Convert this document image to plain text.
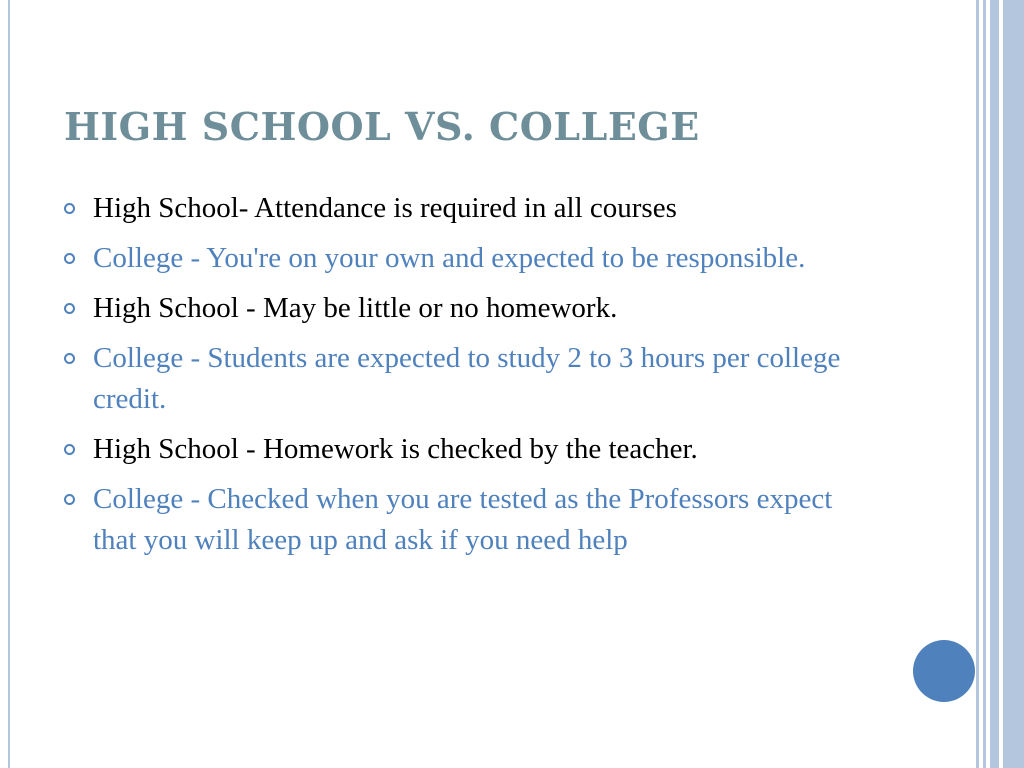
HIGH SCHOOL VS. COLLEGE
High School- Attendance is required in all courses
College - You're on your own and expected to be responsible.
High School - May be little or no homework.
College - Students are expected to study 2 to 3 hours per college credit.
High School - Homework is checked by the teacher.
College - Checked when you are tested as the Professors expect that you will keep up and ask if you need help
